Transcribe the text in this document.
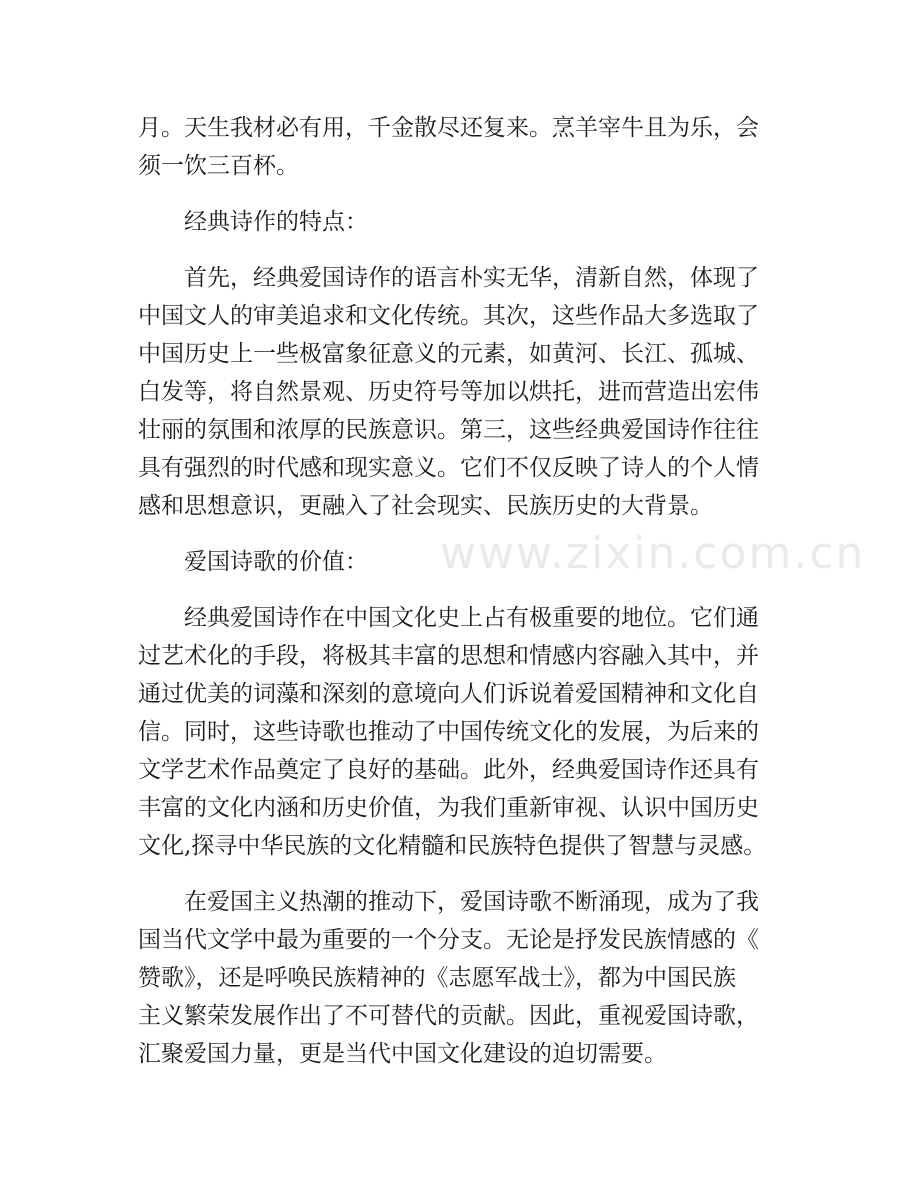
月。天生我材必有用，千金散尽还复来。烹羊宰牛且为乐，会
须一饮三百杯。
经典诗作的特点：
首先，经典爱国诗作的语言朴实无华，清新自然，体现了
中国文人的审美追求和文化传统。其次，这些作品大多选取了
中国历史上一些极富象征意义的元素，如黄河、长江、孤城、
白发等，将自然景观、历史符号等加以烘托，进而营造出宏伟
壮丽的氛围和浓厚的民族意识。第三，这些经典爱国诗作往往
具有强烈的时代感和现实意义。它们不仅反映了诗人的个人情
感和思想意识，更融入了社会现实、民族历史的大背景。
爱国诗歌的价值：
经典爱国诗作在中国文化史上占有极重要的地位。它们通
过艺术化的手段，将极其丰富的思想和情感内容融入其中，并
通过优美的词藻和深刻的意境向人们诉说着爱国精神和文化自
信。同时，这些诗歌也推动了中国传统文化的发展，为后来的
文学艺术作品奠定了良好的基础。此外，经典爱国诗作还具有
丰富的文化内涵和历史价值，为我们重新审视、认识中国历史
文化,探寻中华民族的文化精髓和民族特色提供了智慧与灵感。
在爱国主义热潮的推动下，爱国诗歌不断涌现，成为了我
国当代文学中最为重要的一个分支。无论是抒发民族情感的《
赞歌》，还是呼唤民族精神的《志愿军战士》，都为中国民族
主义繁荣发展作出了不可替代的贡献。因此，重视爱国诗歌，
汇聚爱国力量，更是当代中国文化建设的迫切需要。
www.zixin.com.cn
